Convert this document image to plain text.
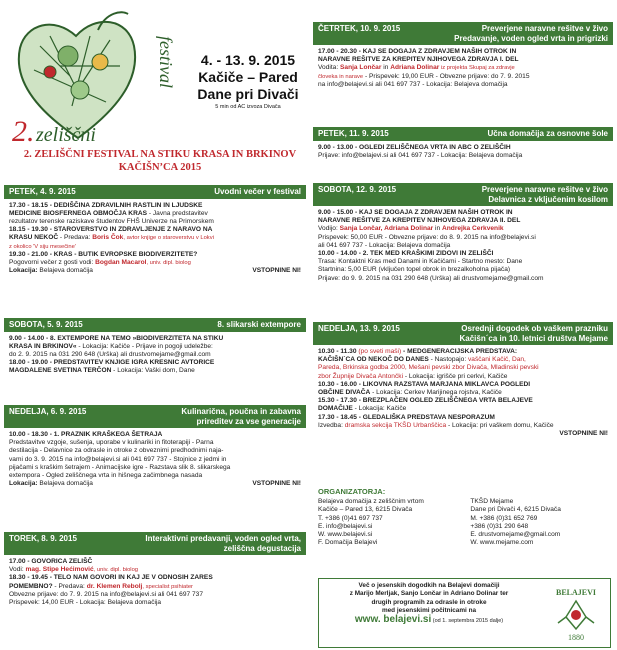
2. zeliščni
festival	4. - 13. 9. 2015
Kačiče – Pared
Dane pri Divači
5 min od AC izvoza Divača
2. ZELIŠČNI FESTIVAL NA STIKU KRASA IN BRKINOV
KAČIŠN’CA 2015
PETEK, 4. 9. 2015	Uvodni večer v festival

17.30 - 18.15 - DEDIŠČINA ZDRAVILNIH RASTLIN IN LJUDSKE

MEDICINE BIOSFERNEGA OBMOČJA KRAS - Javna predstavitev

rezultatov terenske raziskave študentov FHŠ Univerze na Primorskem

18.15 - 19.30 - STAROVERSTVO IN ZDRAVLJENJE Z NARAVO NA

KRASU NEKOČ - Predava: Boris Čok, avtor knjige o staroverstvu v Lokvi

z okolico 'V siju mesečine'

19.30 - 21.00 - KRAS - BUTIK EVROPSKE BIODIVERZITETE?

Pogovorni večer z gosti vodi: Bogdan Macarol, univ. dipl. biolog

Lokacija: Belajeva domačija	VSTOPNINE NI!

SOBOTA, 5. 9. 2015	8. slikarski extempore

9.00 - 14.00 - 8. EXTEMPORE NA TEMO »BIODIVERZITETA NA STIKU

KRASA IN BRKINOV« - Lokacija: Kačiče - Prijave in pogoji udeležbe:

do 2. 9. 2015 na 031 290 648 (Urška) ali drustvomejame@gmail.com

18.00 - 19.00 - PREDSTAVITEV KNJIGE IGRA KRESNIC AVTORICE

MAGDALENE SVETINA TERČON - Lokacija: Vaški dom, Dane

NEDELJA, 6. 9. 2015	Kulinarična, poučna in zabavna
prireditev za vse generacije

10.00 - 18.30 - 1. PRAZNIK KRAŠKEGA ŠETRAJA

Predstavitve vzgoje, sušenja, uporabe v kulinariki in fitoterapiji - Parna

destilacija - Delavnice za odrasle in otroke z obveznimi predhodnimi naja-

vami do 3. 9. 2015 na info@belajevi.si ali 041 697 737 - Stojnice z jedmi in

pijačami s kraškim šetrajem - Animacijske igre - Razstava slik 8. slikarskega

extempora - Ogled zeliščnega vrta in hišnega začimbnega nasada

Lokacija: Belajeva domačija	VSTOPNINE NI!

TOREK, 8. 9. 2015	Interaktivni predavanji, voden ogled vrta,
zeliščna degustacija

17.00 - GOVORICA ZELIŠČ

Vodi: mag. Stipe Hećimović, univ. dipl. biolog

18.30 - 19.45 - TELO NAM GOVORI IN KAJ JE V ODNOSIH ZARES

POMEMBNO? - Predava: dr. Klemen Rebolj, specialist psihiater

Obvezne prijave: do 7. 9. 2015 na info@belajevi.si ali 041 697 737

Prispevek: 14,00 EUR - Lokacija: Belajeva domačija

ČETRTEK, 10. 9. 2015	Preverjene naravne rešitve v živo
Predavanje, voden ogled vrta in prigrizki

17.00 - 20.30 - KAJ SE DOGAJA Z ZDRAVJEM NAŠIH OTROK IN

NARAVNE REŠITVE ZA KREPITEV NJIHOVEGA ZDRAVJA I. DEL

Vodita: Sanja Lončar in Adriana Dolinar iz projekta Skupaj za zdravje

človeka in narave - Prispevek: 19,00 EUR - Obvezne prijave: do 7. 9. 2015

na info@belajevi.si ali 041 697 737 - Lokacija: Belajeva domačija

PETEK, 11. 9. 2015	Učna domačija za osnovne šole

9.00 - 13.00 - OGLEDI ZELIŠČNEGA VRTA IN ABC O ZELIŠČIH

Prijave: info@belajevi.si ali 041 697 737 - Lokacija: Belajeva domačija

SOBOTA, 12. 9. 2015	Preverjene naravne rešitve v živo
Delavnica z vključenim kosilom

9.00 - 15.00 - KAJ SE DOGAJA Z ZDRAVJEM NAŠIH OTROK IN

NARAVNE REŠITVE ZA KREPITEV NJIHOVEGA ZDRAVJA II. DEL

Vodijo: Sanja Lončar, Adriana Dolinar in Andrejka Cerkvenik

Prispevek: 50,00 EUR - Obvezne prijave: do 8. 9. 2015 na info@belajevi.si

ali 041 697 737 - Lokacija: Belajeva domačija

10.00 - 14.00 - 2. TEK MED KRAŠKIMI ZIDOVI IN ZELIŠČI

Trasa: Kontaktni Kras med Danami in Kačičami - Startno mesto: Dane

Startnina: 5,00 EUR (vključen topel obrok in brezalkoholna pijača)

Prijave: do 9. 9. 2015 na 031 290 648 (Urška) ali drustvomejame@gmail.com

NEDELJA, 13. 9. 2015	Osrednji dogodek ob vaškem prazniku
Kačišn´ca in 10. letnici društva Mejame

10.30 - 11.30 (po sveti maši) - MEDGENERACIJSKA PREDSTAVA:

KAČIŠN´CA OD NEKOČ DO DANES - Nastopajo: vaščani Kačič, Dan,

Pareda, Brkinska godba 2000, Mešani pevski zbor Divača, Mladinski pevski

zbor Župnije Divača Antončki - Lokacija: igrišče pri cerkvi, Kačiče

10.30 - 16.00 - LIKOVNA RAZSTAVA MARJANA MIKLAVCA POGLEDI

OBČINE DIVAČA - Lokacija: Cerkev Marijinega rojstva, Kačiče

15.30 - 17.30 - BREZPLAČEN OGLED ZELIŠČNEGA VRTA BELAJEVE

DOMAČIJE - Lokacija: Kačiče

17.30 - 18.45 - GLEDALIŠKA PREDSTAVA NESPORAZUM

Izvedba: dramska sekcija TKŠD Urbanščica - Lokacija: pri vaškem domu, Kačiče

VSTOPNINE NI!

ORGANIZATORJA:

Belajeva domačija z zeliščnim vrtom

Kačiče – Pared 13, 6215 Divača

T. +386 (0)41 697 737

E. info@belajevi.si

W. www.belajevi.si

F. Domačija Belajevi

TKŠD Mejame

Dane pri Divači 4, 6215 Divača

M. +386 (0)31 652 769

+386 (0)31 290 648

E. drustvomejame@gmail.com

W. www.mejame.com

Več o jesenskih dogodkih na Belajevi domačiji
z Marijo Merljak, Sanjo Lončar in Adriano Dolinar ter
drugih programih za odrasle in otroke
med jesenskimi počitnicami na
www. belajevi.si (od 1. septembra 2015 dalje)
BELAJEVI
1880
